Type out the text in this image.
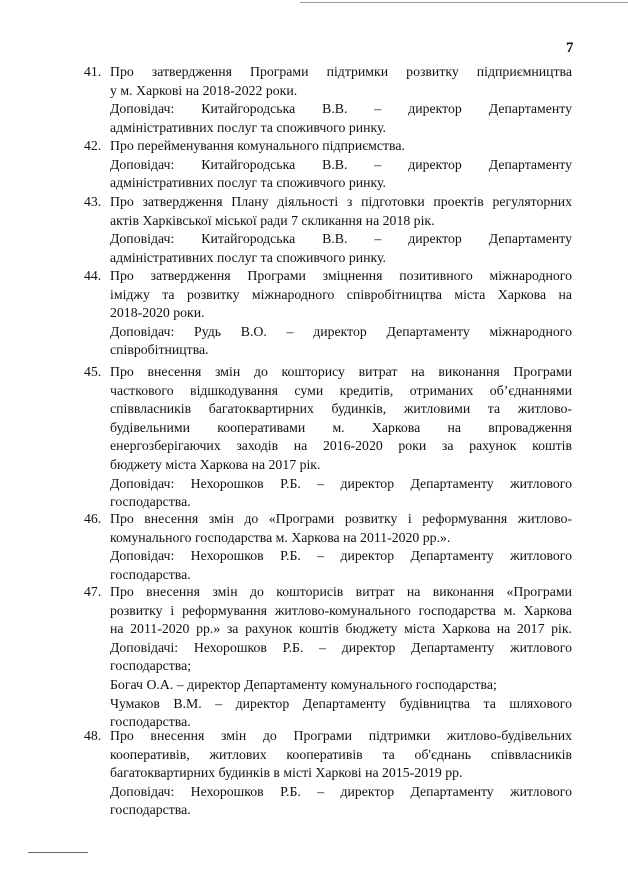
7
41. Про затвердження Програми підтримки розвитку підприємництва
у м. Харкові на 2018-2022 роки.
Доповідач: Китайгородська В.В. – директор Департаменту
адміністративних послуг та споживчого ринку.
42. Про перейменування комунального підприємства.
Доповідач: Китайгородська В.В. – директор Департаменту
адміністративних послуг та споживчого ринку.
43. Про затвердження Плану діяльності з підготовки проектів регуляторних
актів Харківської міської ради 7 скликання на 2018 рік.
Доповідач: Китайгородська В.В. – директор Департаменту
адміністративних послуг та споживчого ринку.
44. Про затвердження Програми зміцнення позитивного міжнародного
іміджу та розвитку міжнародного співробітництва міста Харкова на
2018-2020 роки.
Доповідач: Рудь В.О. – директор Департаменту міжнародного
співробітництва.
45. Про внесення змін до кошторису витрат на виконання Програми
часткового відшкодування суми кредитів, отриманих об’єднаннями
співвласників багатоквартирних будинків, житловими та житлово-
будівельними кооперативами м. Харкова на впровадження
енергозберігаючих заходів на 2016-2020 роки за рахунок коштів
бюджету міста Харкова на 2017 рік.
Доповідач: Нехорошков Р.Б. – директор Департаменту житлового
господарства.
46. Про внесення змін до «Програми розвитку і реформування житлово-
комунального господарства м. Харкова на 2011-2020 рр.».
Доповідач: Нехорошков Р.Б. – директор Департаменту житлового
господарства.
47. Про внесення змін до кошторисів витрат на виконання «Програми
розвитку і реформування житлово-комунального господарства м. Харкова
на 2011-2020 рр.» за рахунок коштів бюджету міста Харкова на 2017 рік.
Доповідачі: Нехорошков Р.Б. – директор Департаменту житлового
господарства;
Богач О.А. – директор Департаменту комунального господарства;
Чумаков В.М. – директор Департаменту будівництва та шляхового
господарства.
48. Про внесення змін до Програми підтримки житлово-будівельних
кооперативів, житлових кооперативів та об'єднань співвласників
багатоквартирних будинків в місті Харкові на 2015-2019 рр.
Доповідач: Нехорошков Р.Б. – директор Департаменту житлового
господарства.
